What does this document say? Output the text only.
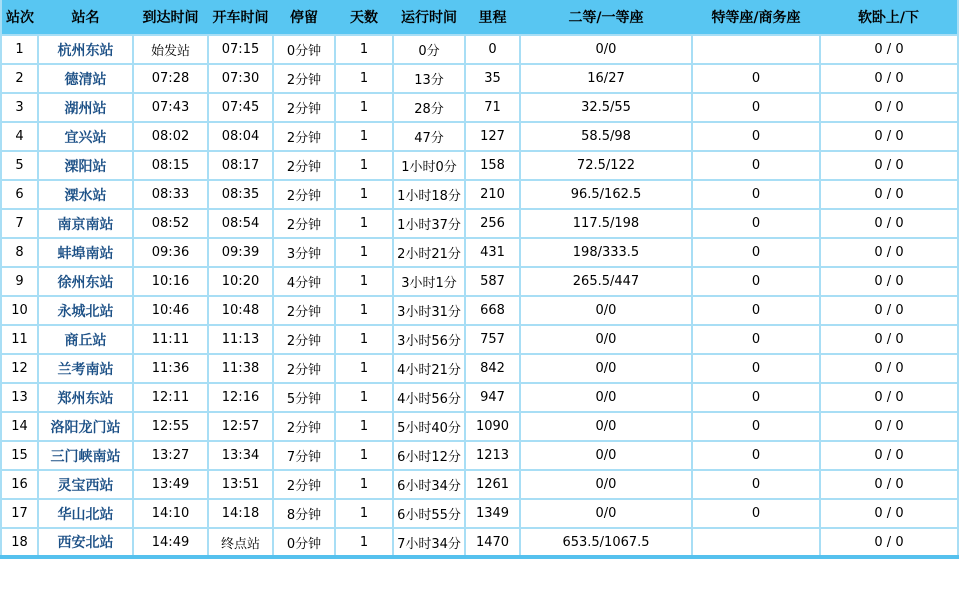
站次	站名	到达时间	开车时间	停留	天数	运行时间	里程	二等/一等座	特等座/商务座	软卧上/下
1	杭州东站	始发站	07:15	0分钟	1	0分	0	0/0		0 / 0
2	德清站	07:28	07:30	2分钟	1	13分	35	16/27	0	0 / 0
3	湖州站	07:43	07:45	2分钟	1	28分	71	32.5/55	0	0 / 0
4	宜兴站	08:02	08:04	2分钟	1	47分	127	58.5/98	0	0 / 0
5	溧阳站	08:15	08:17	2分钟	1	1小时0分	158	72.5/122	0	0 / 0
6	溧水站	08:33	08:35	2分钟	1	1小时18分	210	96.5/162.5	0	0 / 0
7	南京南站	08:52	08:54	2分钟	1	1小时37分	256	117.5/198	0	0 / 0
8	蚌埠南站	09:36	09:39	3分钟	1	2小时21分	431	198/333.5	0	0 / 0
9	徐州东站	10:16	10:20	4分钟	1	3小时1分	587	265.5/447	0	0 / 0
10	永城北站	10:46	10:48	2分钟	1	3小时31分	668	0/0	0	0 / 0
11	商丘站	11:11	11:13	2分钟	1	3小时56分	757	0/0	0	0 / 0
12	兰考南站	11:36	11:38	2分钟	1	4小时21分	842	0/0	0	0 / 0
13	郑州东站	12:11	12:16	5分钟	1	4小时56分	947	0/0	0	0 / 0
14	洛阳龙门站	12:55	12:57	2分钟	1	5小时40分	1090	0/0	0	0 / 0
15	三门峡南站	13:27	13:34	7分钟	1	6小时12分	1213	0/0	0	0 / 0
16	灵宝西站	13:49	13:51	2分钟	1	6小时34分	1261	0/0	0	0 / 0
17	华山北站	14:10	14:18	8分钟	1	6小时55分	1349	0/0	0	0 / 0
18	西安北站	14:49	终点站	0分钟	1	7小时34分	1470	653.5/1067.5		0 / 0
